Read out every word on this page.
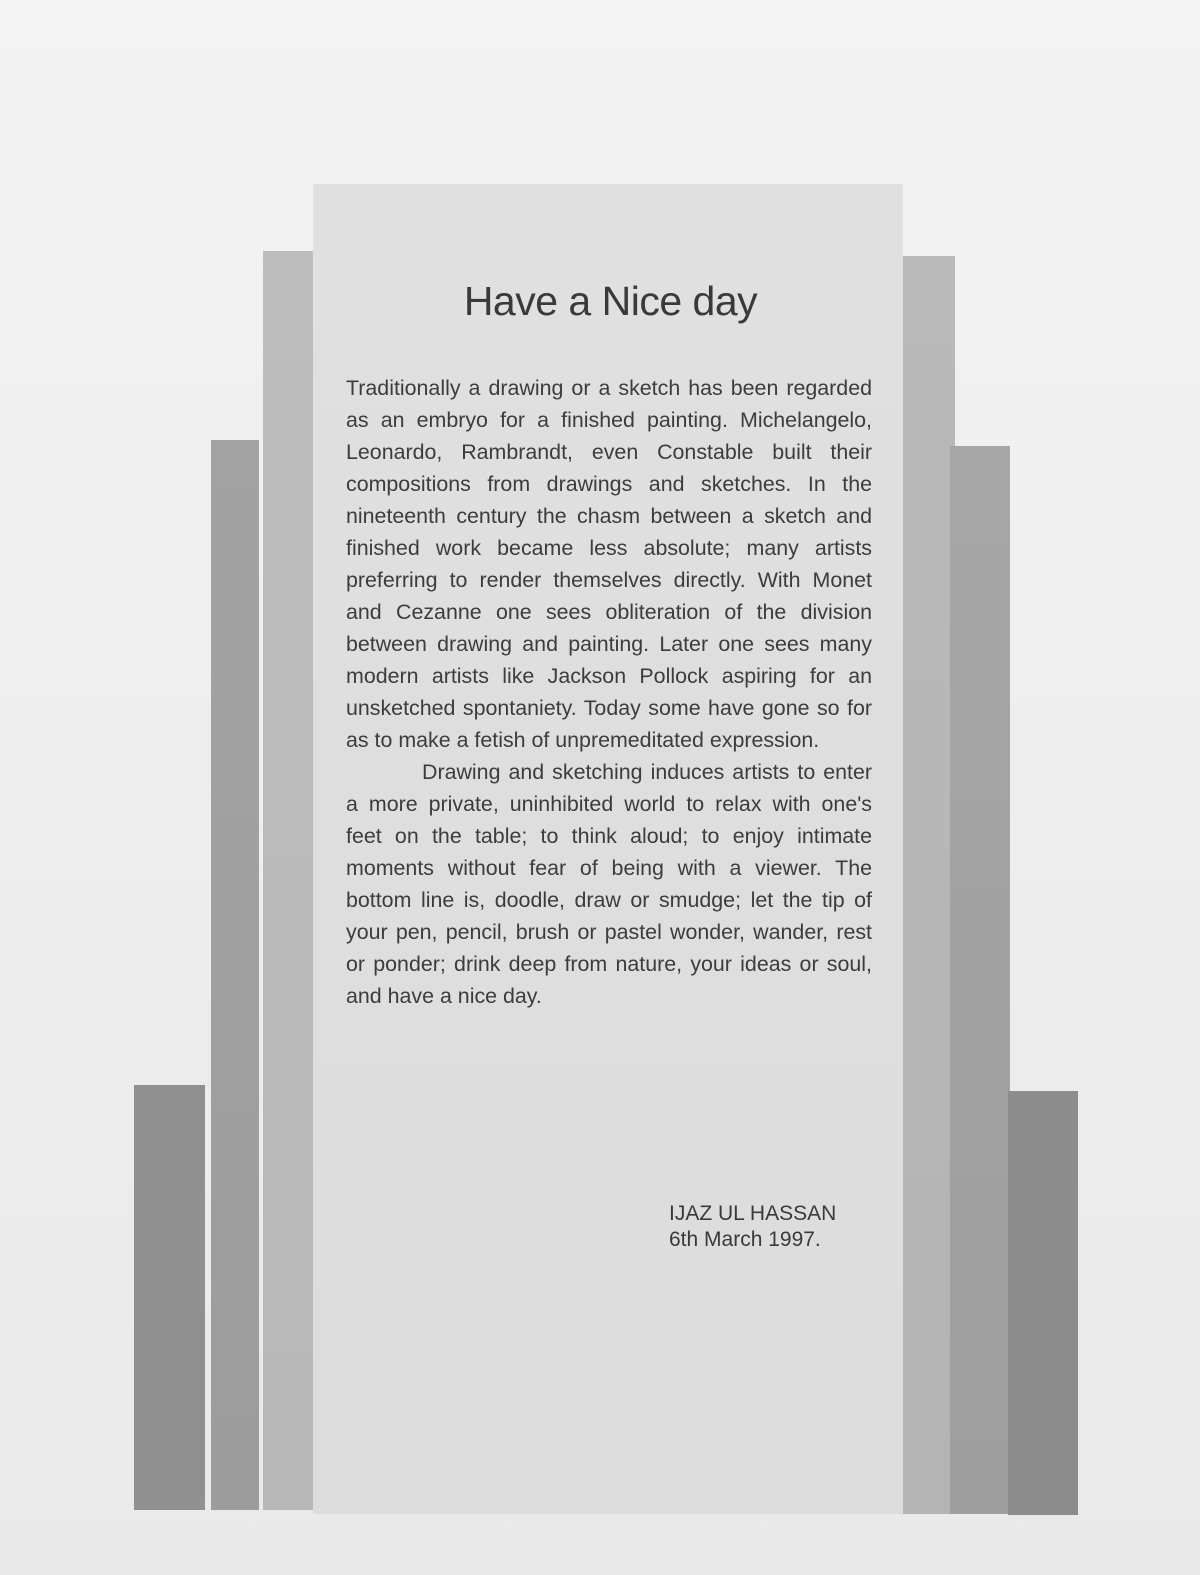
Have a Nice day

Traditionally a drawing or a sketch has been regarded as an embryo for a finished painting. Michelangelo, Leonardo, Rambrandt, even Constable built their compositions from drawings and sketches. In the nineteenth century the chasm between a sketch and finished work became less absolute; many artists preferring to render themselves directly. With Monet and Cezanne one sees obliteration of the division between drawing and painting. Later one sees many modern artists like Jackson Pollock aspiring for an unsketched spontaniety. Today some have gone so for as to make a fetish of unpremeditated expression.

Drawing and sketching induces artists to enter a more private, uninhibited world to relax with one's feet on the table; to think aloud; to enjoy intimate moments without fear of being with a viewer. The bottom line is, doodle, draw or smudge; let the tip of your pen, pencil, brush or pastel wonder, wander, rest or ponder; drink deep from nature, your ideas or soul, and have a nice day.

IJAZ UL HASSAN
6th March 1997.
